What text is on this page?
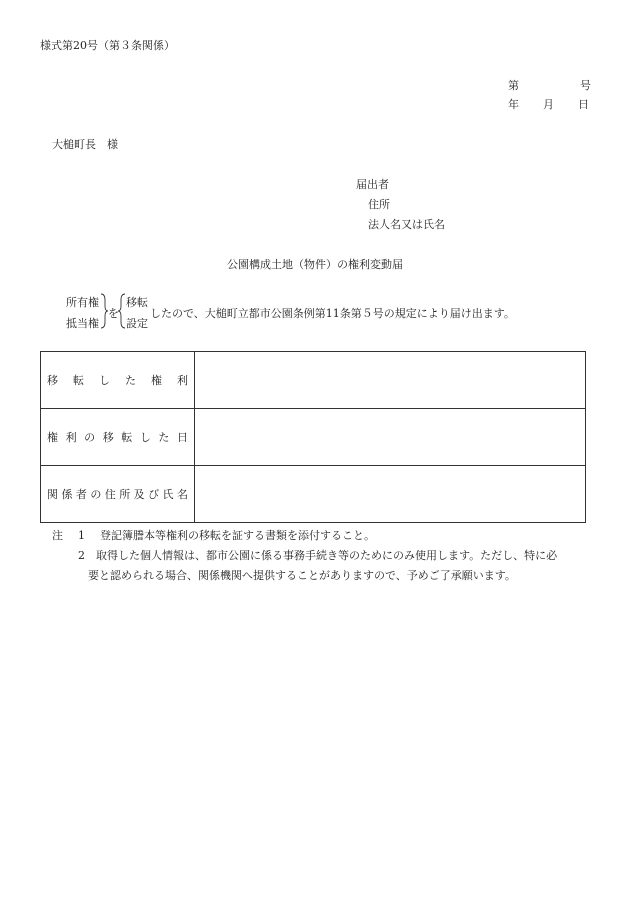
様式第20号（第３条関係）
第	号
年 月 日
大槌町長　様
届出者
住所
法人名又は氏名
公園構成土地（物件）の権利変動届
所有権
抵当権
を
移転
設定
したので、大槌町立都市公園条例第11条第５号の規定により届け出ます。
移転した権利	

権利の移転した日	

関係者の住所及び氏名	

注 1 登記簿謄本等権利の移転を証する書類を添付すること。
2 取得した個人情報は、都市公園に係る事務手続き等のためにのみ使用します。ただし、特に必
要と認められる場合、関係機関へ提供することがありますので、予めご了承願います。
